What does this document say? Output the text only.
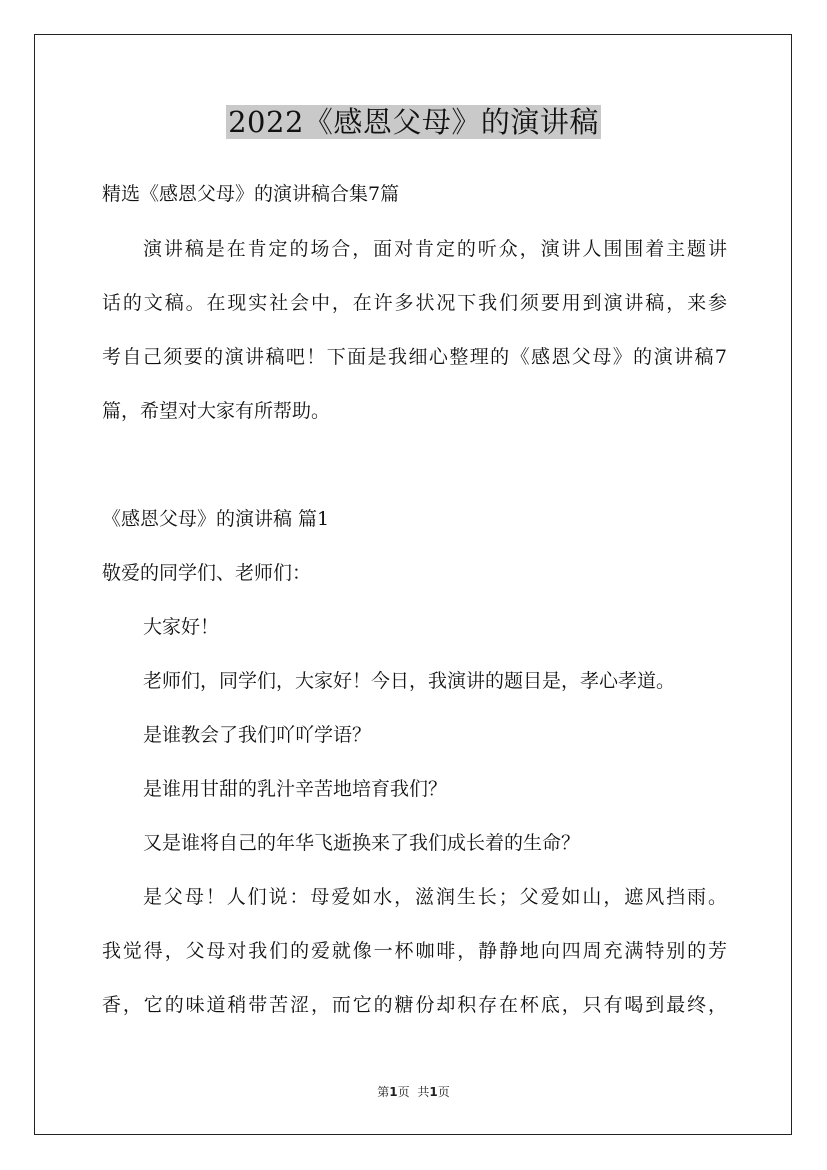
2022《感恩父母》的演讲稿
精选《感恩父母》的演讲稿合集7篇
演讲稿是在肯定的场合，面对肯定的听众，演讲人围围着主题讲
话的文稿。在现实社会中，在许多状况下我们须要用到演讲稿，来参
考自己须要的演讲稿吧！下面是我细心整理的《感恩父母》的演讲稿7
篇，希望对大家有所帮助。
《感恩父母》的演讲稿 篇1
敬爱的同学们、老师们：
大家好！
老师们，同学们，大家好！今日，我演讲的题目是，孝心孝道。
是谁教会了我们吖吖学语？
是谁用甘甜的乳汁辛苦地培育我们？
又是谁将自己的年华飞逝换来了我们成长着的生命？
是父母！人们说：母爱如水，滋润生长；父爱如山，遮风挡雨。
我觉得，父母对我们的爱就像一杯咖啡，静静地向四周充满特别的芳
香，它的味道稍带苦涩，而它的糖份却积存在杯底，只有喝到最终，
第1页 共1页
